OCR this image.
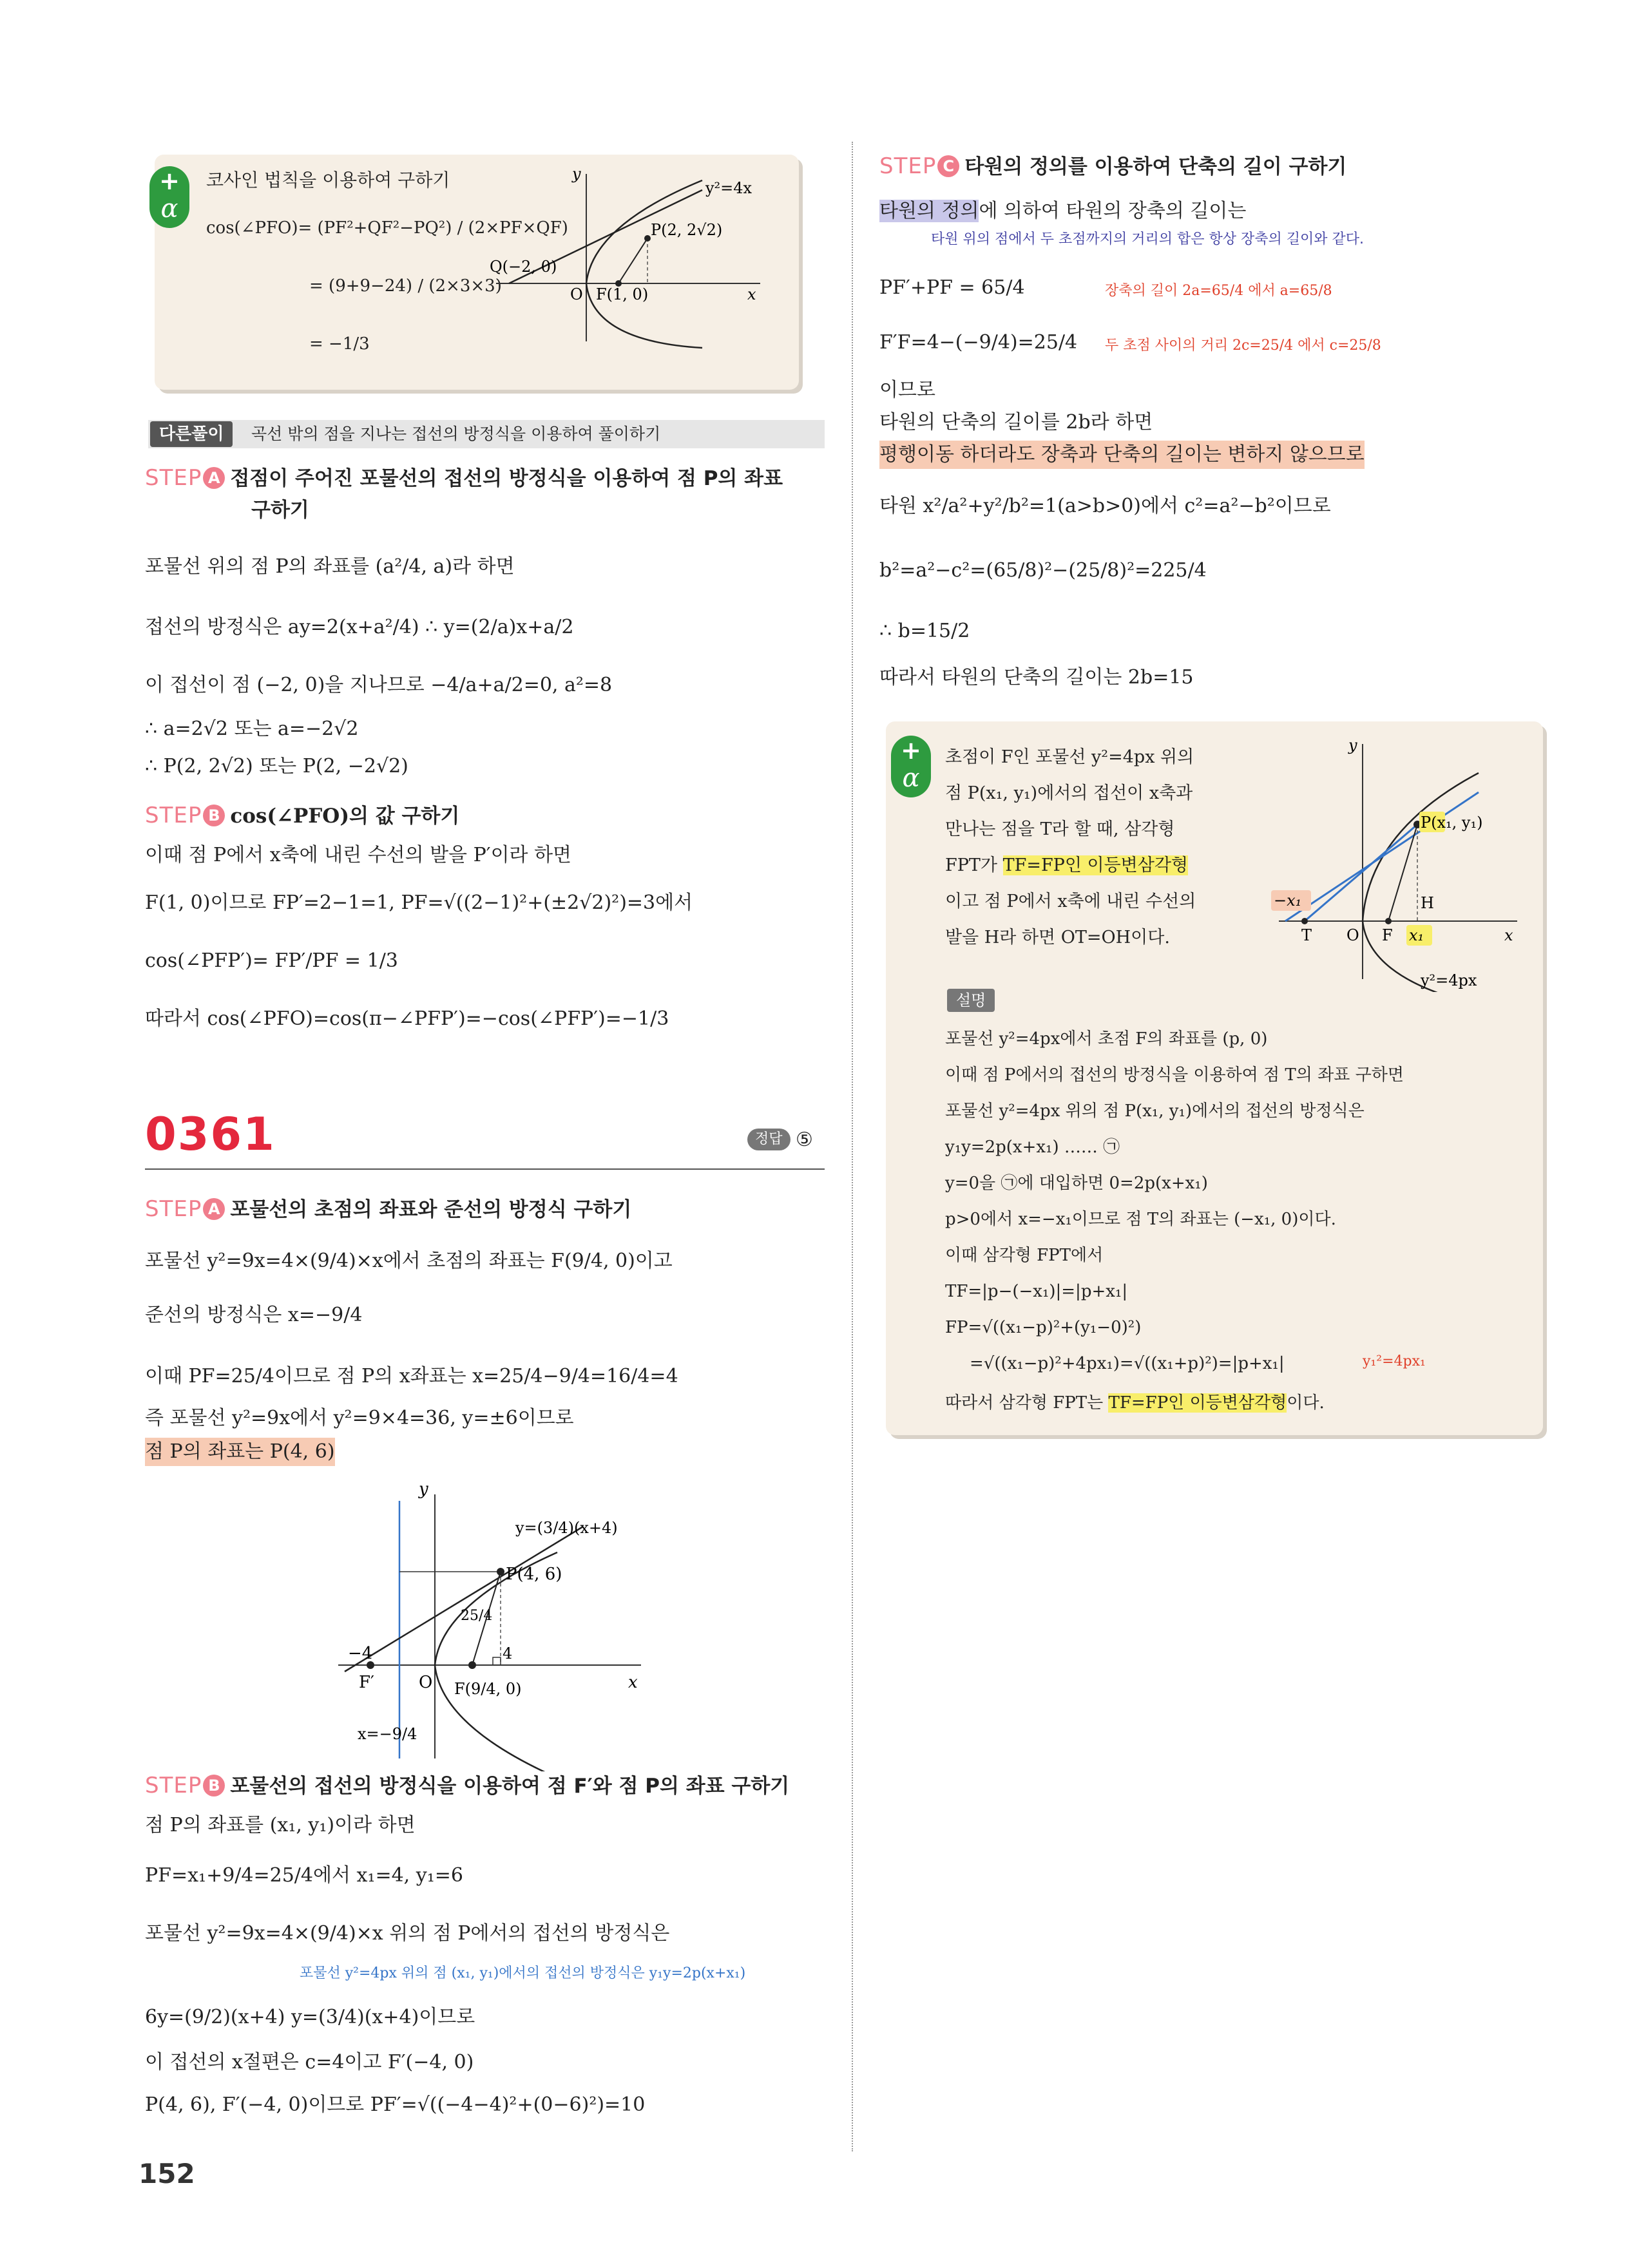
+
α
코사인 법칙을 이용하여 구하기
cos(∠PFO)= (PF²+QF²−PQ²) / (2×PF×QF)
= (9+9−24) / (2×3×3)
= −1/3
y
y²=4x
P(2, 2√2)
Q(−2, 0)
O F(1, 0)	x
다른풀이	곡선 밖의 점을 지나는 접선의 방정식을 이용하여 풀이하기
STEP A 접점이 주어진 포물선의 접선의 방정식을 이용하여 점 P의 좌표
구하기
포물선 위의 점 P의 좌표를 (a²/4, a)라 하면
접선의 방정식은 ay=2(x+a²/4) ∴ y=(2/a)x+a/2
이 접선이 점 (−2, 0)을 지나므로 −4/a+a/2=0, a²=8
∴ a=2√2 또는 a=−2√2
∴ P(2, 2√2) 또는 P(2, −2√2)
STEP B cos(∠PFO)의 값 구하기
이때 점 P에서 x축에 내린 수선의 발을 P′이라 하면
F(1, 0)이므로 FP′=2−1=1, PF=√((2−1)²+(±2√2)²)=3에서
cos(∠PFP′)= FP′/PF = 1/3
따라서 cos(∠PFO)=cos(π−∠PFP′)=−cos(∠PFP′)=−1/3
0361	정답 ⑤
STEP A 포물선의 초점의 좌표와 준선의 방정식 구하기
포물선 y²=9x=4×(9/4)×x에서 초점의 좌표는 F(9/4, 0)이고
준선의 방정식은 x=−9/4
이때 PF=25/4이므로 점 P의 x좌표는 x=25/4−9/4=16/4=4
즉 포물선 y²=9x에서 y²=9×4=36, y=±6이므로
점 P의 좌표는 P(4, 6)
y
y=(3/4)(x+4)
P(4, 6)
25/4
4
−4
F′	O F(9/4, 0)	x
x=−9/4
STEP B 포물선의 접선의 방정식을 이용하여 점 F′와 점 P의 좌표 구하기
점 P의 좌표를 (x₁, y₁)이라 하면
PF=x₁+9/4=25/4에서 x₁=4, y₁=6
포물선 y²=9x=4×(9/4)×x 위의 점 P에서의 접선의 방정식은
포물선 y²=4px 위의 점 (x₁, y₁)에서의 접선의 방정식은 y₁y=2p(x+x₁)
6y=(9/2)(x+4) y=(3/4)(x+4)이므로
이 접선의 x절편은 c=4이고 F′(−4, 0)
P(4, 6), F′(−4, 0)이므로 PF′=√((−4−4)²+(0−6)²)=10
152
STEP C 타원의 정의를 이용하여 단축의 길이 구하기
타원의 정의에 의하여 타원의 장축의 길이는
타원 위의 점에서 두 초점까지의 거리의 합은 항상 장축의 길이와 같다.
PF′+PF = 65/4	장축의 길이 2a=65/4 에서 a=65/8
F′F=4−(−9/4)=25/4 두 초점 사이의 거리 2c=25/4 에서 c=25/8
이므로
타원의 단축의 길이를 2b라 하면
평행이동 하더라도 장축과 단축의 길이는 변하지 않으므로
타원 x²/a²+y²/b²=1(a>b>0)에서 c²=a²−b²이므로
b²=a²−c²=(65/8)²−(25/8)²=225/4
∴ b=15/2
따라서 타원의 단축의 길이는 2b=15
+
α
초점이 F인 포물선 y²=4px 위의
점 P(x₁, y₁)에서의 접선이 x축과
만나는 점을 T라 할 때, 삼각형
FPT가 TF=FP인 이등변삼각형
이고 점 P에서 x축에 내린 수선의
발을 H라 하면 OT=OH이다.
y
P(x₁, y₁)
H
−x₁
T O F x₁	x
y²=4px
설명
포물선 y²=4px에서 초점 F의 좌표를 (p, 0)
이때 점 P에서의 접선의 방정식을 이용하여 점 T의 좌표 구하면
포물선 y²=4px 위의 점 P(x₁, y₁)에서의 접선의 방정식은
y₁y=2p(x+x₁) …… ㉠
y=0을 ㉠에 대입하면 0=2p(x+x₁)
p>0에서 x=−x₁이므로 점 T의 좌표는 (−x₁, 0)이다.
이때 삼각형 FPT에서
TF=|p−(−x₁)|=|p+x₁|
FP=√((x₁−p)²+(y₁−0)²)
=√((x₁−p)²+4px₁)=√((x₁+p)²)=|p+x₁|	y₁²=4px₁
따라서 삼각형 FPT는 TF=FP인 이등변삼각형이다.
